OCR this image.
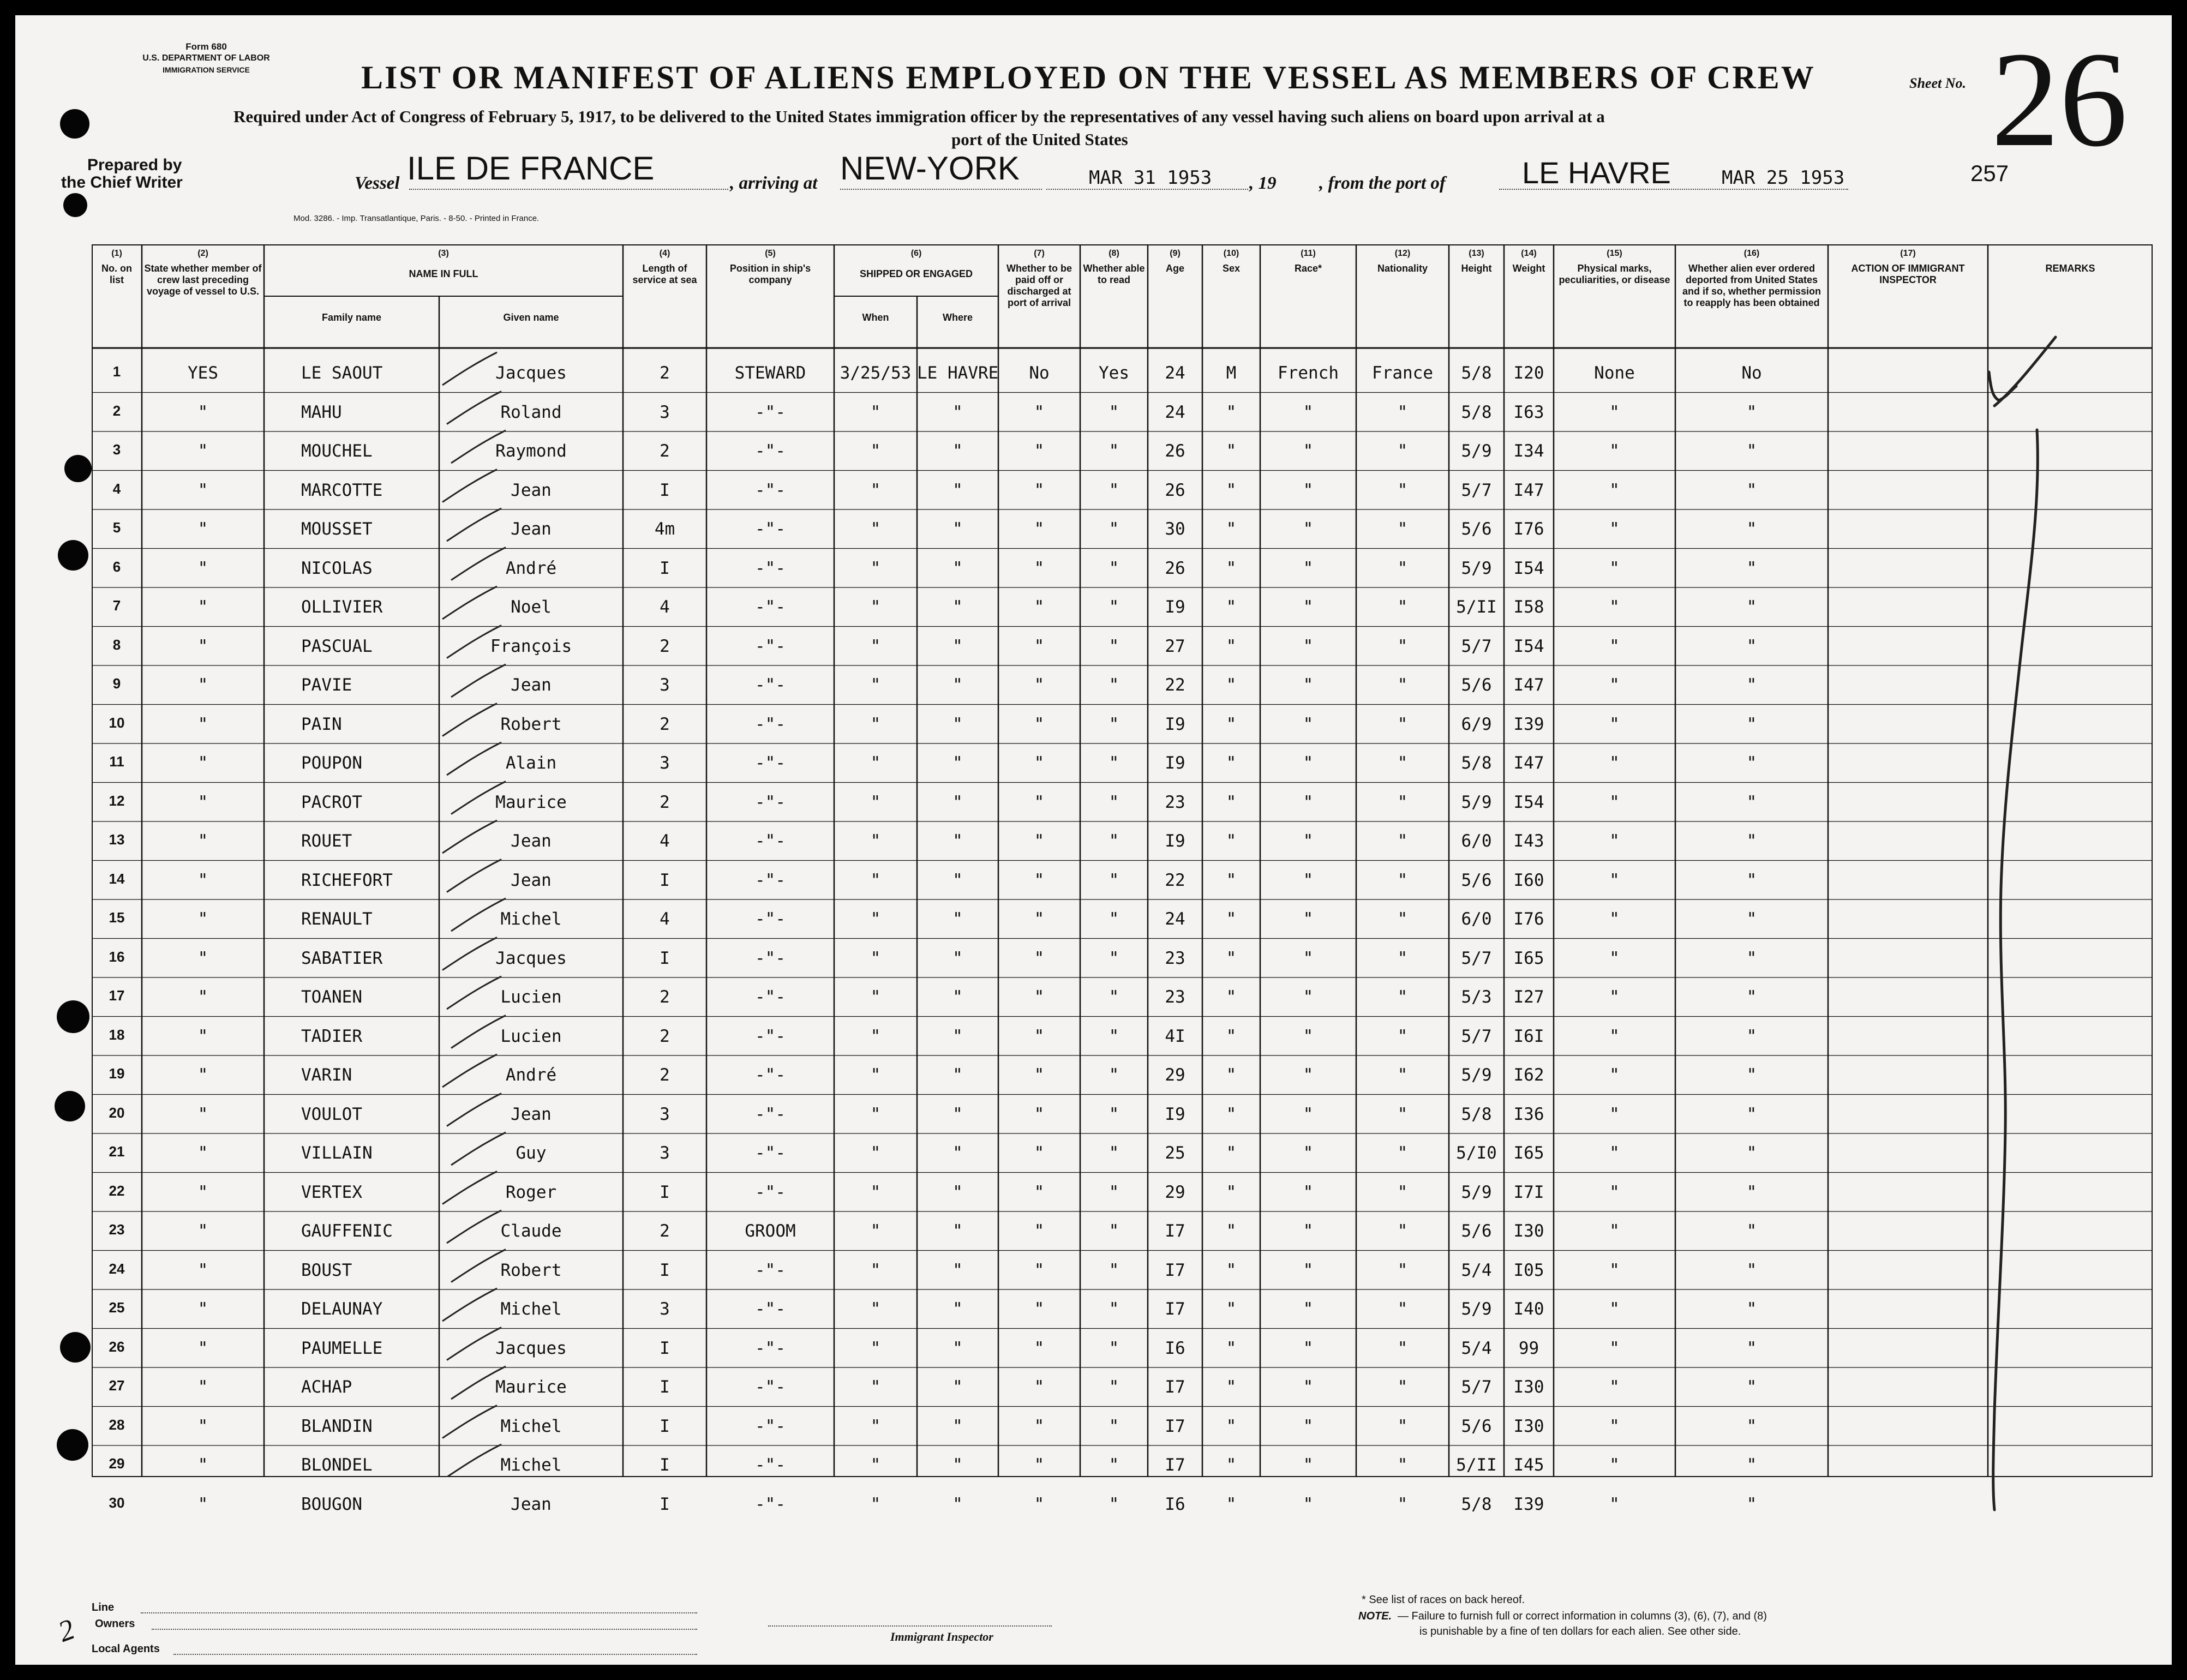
Form 680
U.S. DEPARTMENT OF LABOR
IMMIGRATION SERVICE	LIST OR MANIFEST OF ALIENS EMPLOYED ON THE VESSEL AS MEMBERS OF CREW	Sheet No. 26
Required under Act of Congress of February 5, 1917, to be delivered to the United States immigration officer by the representatives of any vessel having such aliens on board upon arrival at a
port of the United States
Prepared by
the Chief Writer	Vessel ILE DE FRANCE	, arriving at NEW-YORK	MAR 31 1953 , 19 , from the port of	LE HAVRE	MAR 25 1953	257
Mod. 3286. - Imp. Transatlantique, Paris. - 8-50. - Printed in France.
(1)
No. on list
(2)
State whether member of crew last preceding voyage of vessel to U.S.
(3)
NAME IN FULL
Family name	Given name
(4)
Length of service at sea
(5)
Position in ship's company
(6)
SHIPPED OR ENGAGED
When	Where
(7)
Whether to be paid off or discharged at port of arrival
(8)
Whether able to read
(9)
Age
(10)
Sex
(11)
Race*
(12)
Nationality
(13)
Height
(14)
Weight
(15)
Physical marks, peculiarities, or disease
(16)
Whether alien ever ordered deported from United States and if so, whether permission to reapply has been obtained
(17)
ACTION OF IMMIGRANT INSPECTOR
REMARKS
1	YES	LE SAOUT	Jacques	2	STEWARD	3/25/53 LE HAVRE	No	Yes	24	M	French	France	5/8	I20	None	No
2	"	MAHU	Roland	3	-"-	"	"	"	"	24	"	"	"	5/8	I63	"	"
3	"	MOUCHEL	Raymond	2	-"-	"	"	"	"	26	"	"	"	5/9	I34	"	"
4	"	MARCOTTE	Jean	I	-"-	"	"	"	"	26	"	"	"	5/7	I47	"	"
5	"	MOUSSET	Jean	4m	-"-	"	"	"	"	30	"	"	"	5/6	I76	"	"
6	"	NICOLAS	André	I	-"-	"	"	"	"	26	"	"	"	5/9	I54	"	"
7	"	OLLIVIER	Noel	4	-"-	"	"	"	"	I9	"	"	"	5/II I58	"	"
8	"	PASCUAL	François	2	-"-	"	"	"	"	27	"	"	"	5/7	I54	"	"
9	"	PAVIE	Jean	3	-"-	"	"	"	"	22	"	"	"	5/6	I47	"	"
10	"	PAIN	Robert	2	-"-	"	"	"	"	I9	"	"	"	6/9	I39	"	"
11	"	POUPON	Alain	3	-"-	"	"	"	"	I9	"	"	"	5/8	I47	"	"
12	"	PACROT	Maurice	2	-"-	"	"	"	"	23	"	"	"	5/9	I54	"	"
13	"	ROUET	Jean	4	-"-	"	"	"	"	I9	"	"	"	6/0	I43	"	"
14	"	RICHEFORT	Jean	I	-"-	"	"	"	"	22	"	"	"	5/6	I60	"	"
15	"	RENAULT	Michel	4	-"-	"	"	"	"	24	"	"	"	6/0	I76	"	"
16	"	SABATIER	Jacques	I	-"-	"	"	"	"	23	"	"	"	5/7	I65	"	"
17	"	TOANEN	Lucien	2	-"-	"	"	"	"	23	"	"	"	5/3	I27	"	"
18	"	TADIER	Lucien	2	-"-	"	"	"	"	4I	"	"	"	5/7	I6I	"	"
19	"	VARIN	André	2	-"-	"	"	"	"	29	"	"	"	5/9	I62	"	"
20	"	VOULOT	Jean	3	-"-	"	"	"	"	I9	"	"	"	5/8	I36	"	"
21	"	VILLAIN	Guy	3	-"-	"	"	"	"	25	"	"	"	5/I0 I65	"	"
22	"	VERTEX	Roger	I	-"-	"	"	"	"	29	"	"	"	5/9	I7I	"	"
23	"	GAUFFENIC	Claude	2	GROOM	"	"	"	"	I7	"	"	"	5/6	I30	"	"
24	"	BOUST	Robert	I	-"-	"	"	"	"	I7	"	"	"	5/4	I05	"	"
25	"	DELAUNAY	Michel	3	-"-	"	"	"	"	I7	"	"	"	5/9	I40	"	"
26	"	PAUMELLE	Jacques	I	-"-	"	"	"	"	I6	"	"	"	5/4	99	"	"
27	"	ACHAP	Maurice	I	-"-	"	"	"	"	I7	"	"	"	5/7	I30	"	"
28	"	BLANDIN	Michel	I	-"-	"	"	"	"	I7	"	"	"	5/6	I30	"	"
29	"	BLONDEL	Michel	I	-"-	"	"	"	"	I7	"	"	"	5/II I45	"	"
30	"	BOUGON	Jean	I	-"-	"	"	"	"	I6	"	"	"	5/8	I39	"	"
Line
Owners
Local Agents
2	Immigrant Inspector
* See list of races on back hereof.
NOTE. — Failure to furnish full or correct information in columns (3), (6), (7), and (8)
is punishable by a fine of ten dollars for each alien. See other side.
